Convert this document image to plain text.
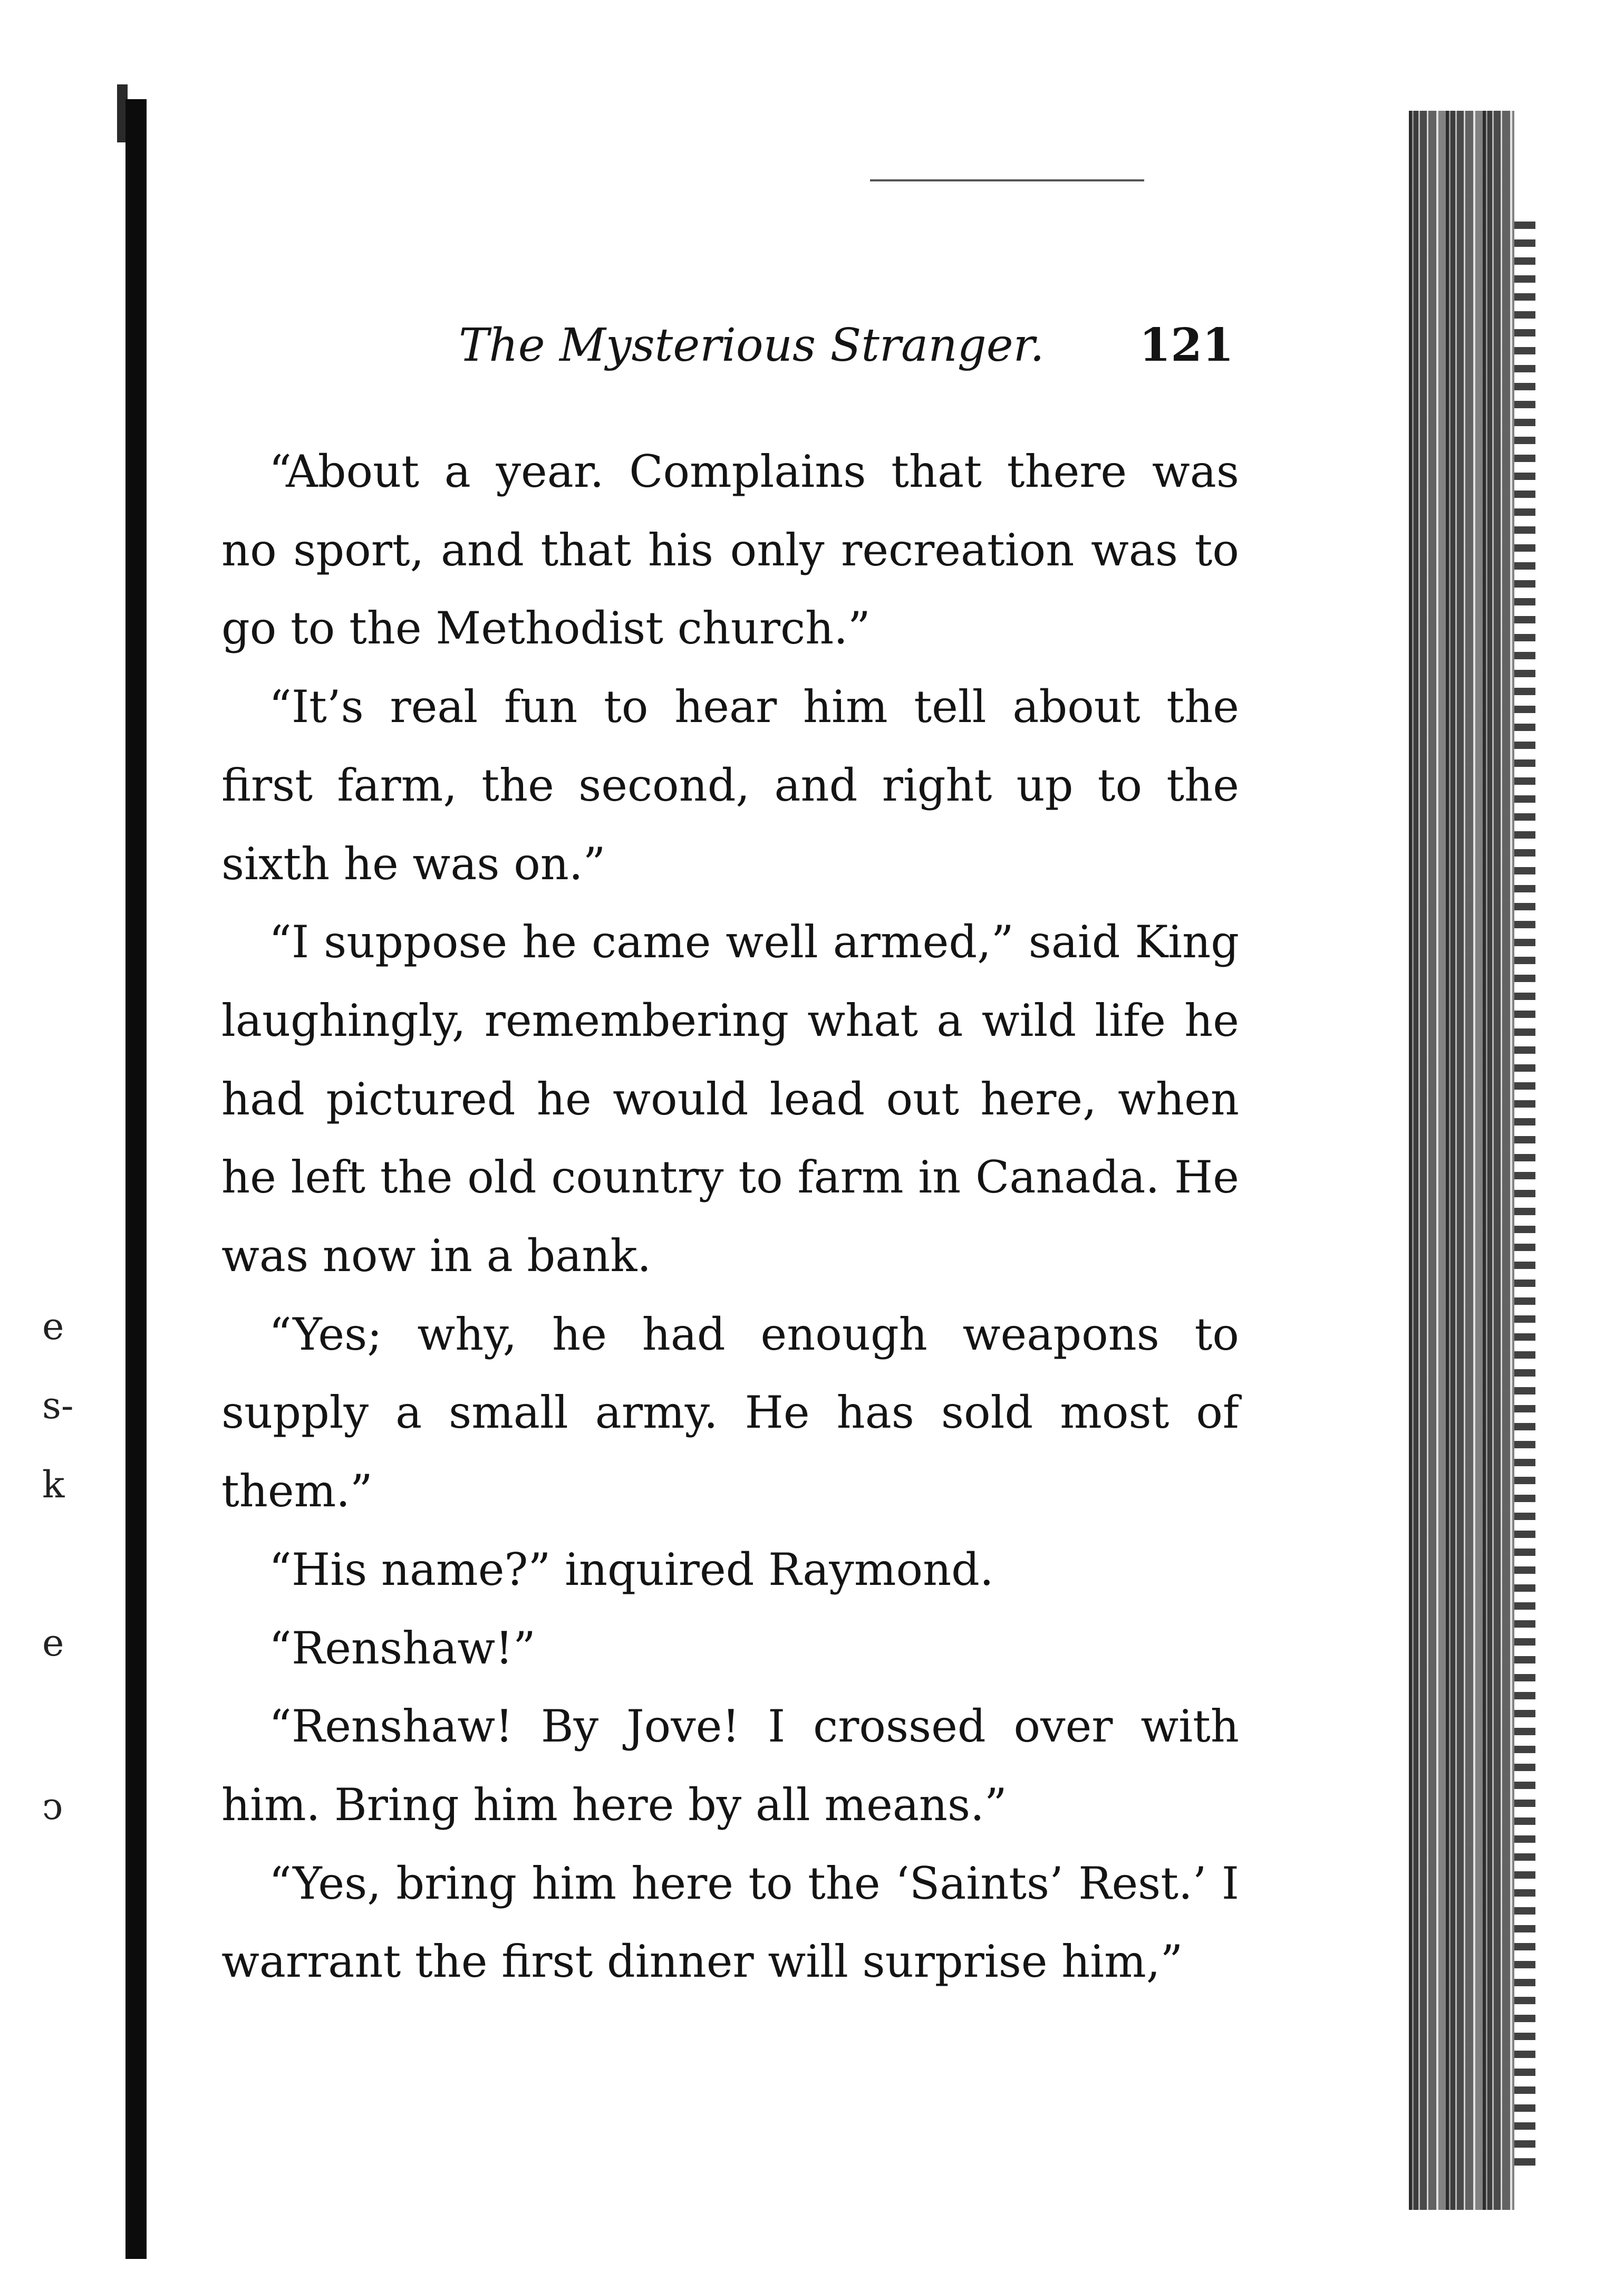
e
s-
k
e
ↄ
The Mysterious Stranger. 121

“About a year. Complains that there was no sport, and that his only recreation was to go to the Methodist church.”

“It’s real fun to hear him tell about the first farm, the second, and right up to the sixth he was on.”

“I suppose he came well armed,” said King laughingly, remembering what a wild life he had pictured he would lead out here, when he left the old country to farm in Canada. He was now in a bank.

“Yes; why, he had enough weapons to supply a small army. He has sold most of them.”

“His name?” inquired Raymond.

“Renshaw!”

“Renshaw! By Jove! I crossed over with him. Bring him here by all means.”

“Yes, bring him here to the ‘Saints’ Rest.’ I warrant the first dinner will surprise him,”
